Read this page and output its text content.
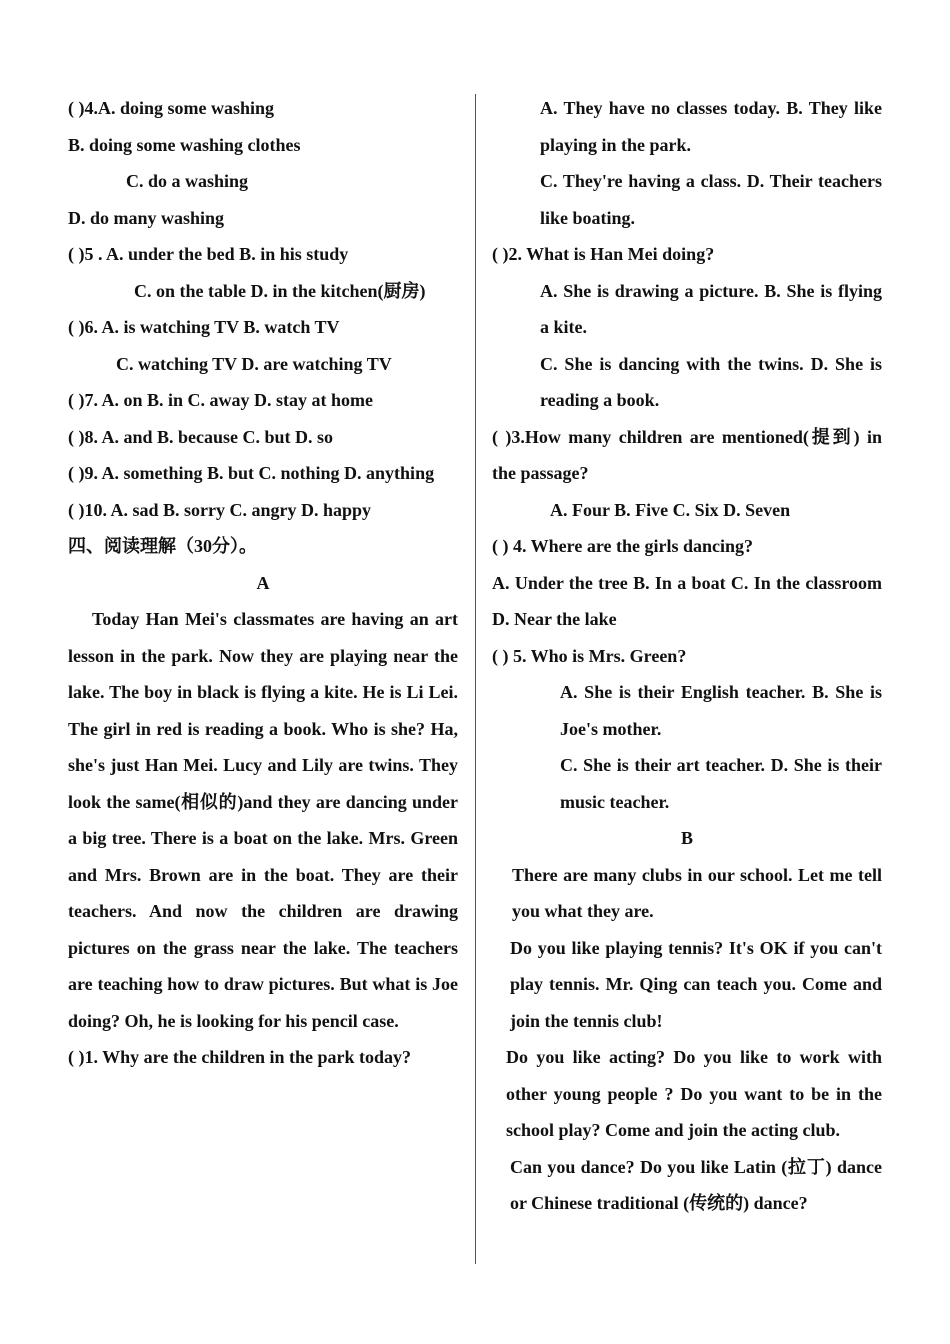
( )4.A. doing some washing
B. doing some washing clothes
C. do a washing
D. do many washing
( )5 . A. under the bed B. in his study
C. on the table D. in the kitchen(厨房)
( )6. A. is watching TV B. watch TV
C. watching TV D. are watching TV
( )7. A. on B. in C. away D. stay at home
( )8. A. and B. because C. but D. so
( )9. A. something B. but C. nothing D. anything
( )10. A. sad B. sorry C. angry D. happy
四、阅读理解（30分）。
A
Today Han Mei's classmates are having an art lesson in the park. Now they are playing near the lake. The boy in black is flying a kite. He is Li Lei. The girl in red is reading a book. Who is she? Ha, she's just Han Mei. Lucy and Lily are twins. They look the same(相似的)and they are dancing under a big tree. There is a boat on the lake. Mrs. Green and Mrs. Brown are in the boat. They are their teachers. And now the children are drawing pictures on the grass near the lake. The teachers are teaching how to draw pictures. But what is Joe doing? Oh, he is looking for his pencil case.
( )1. Why are the children in the park today?
A. They have no classes today. B. They like playing in the park.
C. They're having a class. D. Their teachers like boating.
( )2. What is Han Mei doing?
A. She is drawing a picture. B. She is flying a kite.
C. She is dancing with the twins. D. She is reading a book.
( )3.How many children are mentioned(提到) in the passage?
A. Four B. Five C. Six D. Seven
( ) 4. Where are the girls dancing?
A. Under the tree B. In a boat C. In the classroom D. Near the lake
( ) 5. Who is Mrs. Green?
A. She is their English teacher. B. She is Joe's mother.
C. She is their art teacher. D. She is their music teacher.
B
There are many clubs in our school. Let me tell you what they are.
Do you like playing tennis? It's OK if you can't play tennis. Mr. Qing can teach you. Come and join the tennis club!
Do you like acting? Do you like to work with other young people ? Do you want to be in the school play? Come and join the acting club.
Can you dance? Do you like Latin (拉丁) dance or Chinese traditional (传统的) dance?
